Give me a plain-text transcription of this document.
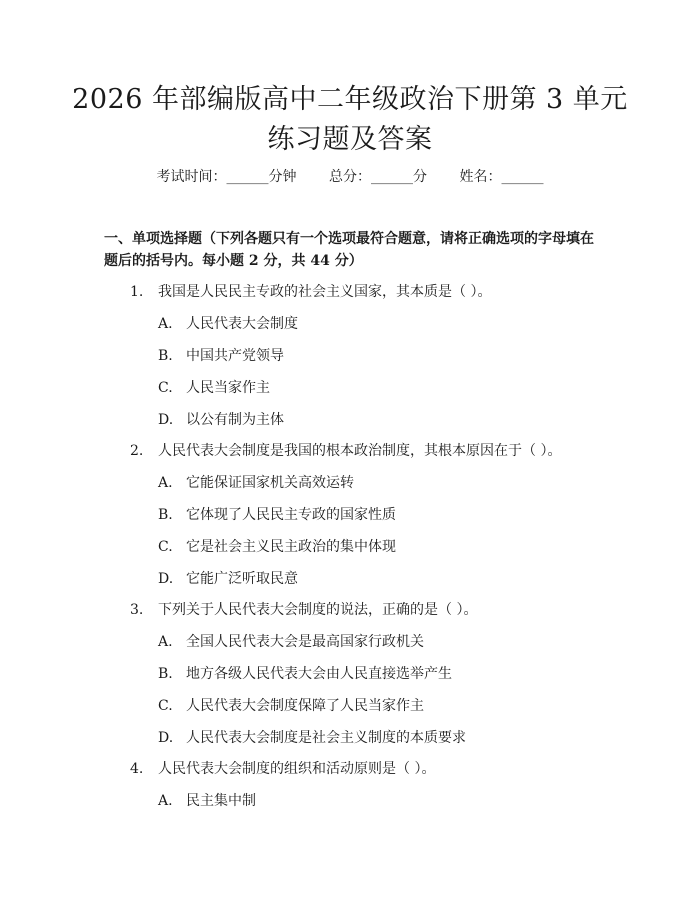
2026 年部编版高中二年级政治下册第 3 单元
练习题及答案
考试时间：______分钟 总分：______分 姓名：______
一、单项选择题（下列各题只有一个选项最符合题意，请将正确选项的字母填在题后的括号内。每小题 2 分，共 44 分）
1. 我国是人民民主专政的社会主义国家，其本质是（ ）。
A. 人民代表大会制度
B. 中国共产党领导
C. 人民当家作主
D. 以公有制为主体
2. 人民代表大会制度是我国的根本政治制度，其根本原因在于（ ）。
A. 它能保证国家机关高效运转
B. 它体现了人民民主专政的国家性质
C. 它是社会主义民主政治的集中体现
D. 它能广泛听取民意
3. 下列关于人民代表大会制度的说法，正确的是（ ）。
A. 全国人民代表大会是最高国家行政机关
B. 地方各级人民代表大会由人民直接选举产生
C. 人民代表大会制度保障了人民当家作主
D. 人民代表大会制度是社会主义制度的本质要求
4. 人民代表大会制度的组织和活动原则是（ ）。
A. 民主集中制
